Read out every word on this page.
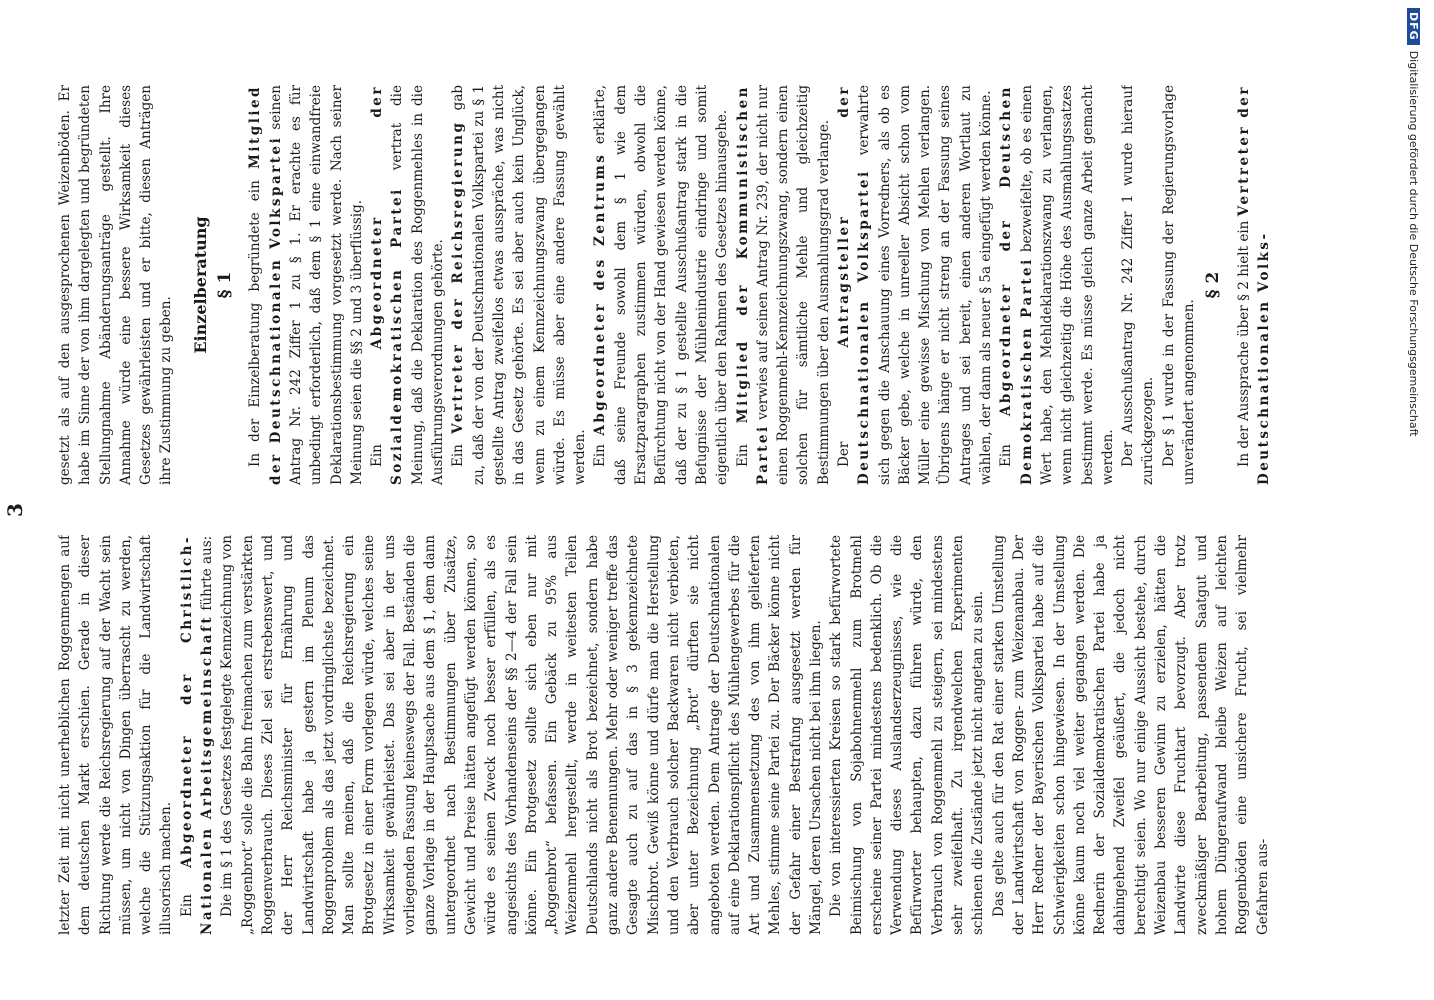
3

letzter Zeit mit nicht unerheblichen Roggenmengen auf dem deutschen Markt erschien. Gerade in dieser Richtung werde die Reichsregierung auf der Wacht sein müssen, um nicht von Dingen überrascht zu werden, welche die Stützungsaktion für die Landwirtschaft illusorisch machen. Ein Abgeordneter der Christlich-Nationalen Arbeitsgemeinschaft führte aus: Die im § 1 des Gesetzes festgelegte Kennzeichnung von „Roggenbrot“ solle die Bahn freimachen zum verstärkten Roggenverbrauch. Dieses Ziel sei erstrebenswert, und der Herr Reichsminister für Ernährung und Landwirtschaft habe ja gestern im Plenum das Roggenproblem als das jetzt vordringlichste bezeichnet. Man sollte meinen, daß die Reichsregierung ein Brotgesetz in einer Form vorlegen würde, welches seine Wirksamkeit gewährleistet. Das sei aber in der uns vorliegenden Fassung keineswegs der Fall. Beständen die ganze Vorlage in der Hauptsache aus dem § 1, dem dann untergeordnet nach Bestimmungen über Zusätze, Gewicht und Preise hätten angefügt werden können, so würde es seinen Zweck noch besser erfüllen, als es angesichts des Vorhandenseins der §§ 2—4 der Fall sein könne. Ein Brotgesetz sollte sich eben nur mit „Roggenbrot“ befassen. Ein Gebäck zu 95% aus Weizenmehl hergestellt, werde in weitesten Teilen Deutschlands nicht als Brot bezeichnet, sondern habe ganz andere Benennungen. Mehr oder weniger treffe das Gesagte auch zu auf das in § 3 gekennzeichnete Mischbrot. Gewiß könne und dürfe man die Herstellung und den Verbrauch solcher Backwaren nicht verbieten, aber unter Bezeichnung „Brot“ dürften sie nicht angeboten werden. Dem Antrage der Deutschnationalen auf eine Deklarationspflicht des Mühlengewerbes für die Art und Zusammensetzung des von ihm gelieferten Mehles, stimme seine Partei zu. Der Bäcker könne nicht der Gefahr einer Bestrafung ausgesetzt werden für Mängel, deren Ursachen nicht bei ihm liegen. Die von interessierten Kreisen so stark befürwortete Beimischung von Sojabohnenmehl zum Brotmehl erscheine seiner Partei mindestens bedenklich. Ob die Verwendung dieses Auslandserzeugnisses, wie die Befürworter behaupten, dazu führen würde, den Verbrauch von Roggenmehl zu steigern, sei mindestens sehr zweifelhaft. Zu irgendwelchen Experimenten schienen die Zustände jetzt nicht angetan zu sein. Das gelte auch für den Rat einer starken Umstellung der Landwirtschaft von Roggen- zum Weizenanbau. Der Herr Redner der Bayerischen Volkspartei habe auf die Schwierigkeiten schon hingewiesen. In der Umstellung könne kaum noch viel weiter gegangen werden. Die Rednerin der Sozialdemokratischen Partei habe ja dahingehend Zweifel geäußert, die jedoch nicht berechtigt seien. Wo nur einige Aussicht bestehe, durch Weizenbau besseren Gewinn zu erzielen, hätten die Landwirte diese Fruchtart bevorzugt. Aber trotz zweckmäßiger Bearbeitung, passendem Saatgut und hohem Düngeraufwand bleibe Weizen auf leichten Roggenböden eine unsichere Frucht, sei vielmehr Gefahren aus-

gesetzt als auf den ausgesprochenen Weizenböden. Er habe im Sinne der von ihm dargelegten und begründeten Stellungnahme Abänderungsanträge gestellt. Ihre Annahme würde eine bessere Wirksamkeit dieses Gesetzes gewährleisten und er bitte, diesen Anträgen ihre Zustimmung zu geben.

Einzelberatung § 1 In der Einzelberatung begründete ein Mitglied der Deutschnationalen Volkspartei seinen Antrag Nr. 242 Ziffer 1 zu § 1. Er erachte es für unbedingt erforderlich, daß dem § 1 eine einwandfreie Deklarationsbestimmung vorgesetzt werde. Nach seiner Meinung seien die §§ 2 und 3 überflüssig. Ein Abgeordneter der Sozialdemokratischen Partei vertrat die Meinung, daß die Deklaration des Roggenmehles in die Ausführungsverordnungen gehörte. Ein Vertreter der Reichsregierung gab zu, daß der von der Deutschnationalen Volkspartei zu § 1 gestellte Antrag zweifellos etwas ausspräche, was nicht in das Gesetz gehörte. Es sei aber auch kein Unglück, wenn zu einem Kennzeichnungszwang übergegangen würde. Es müsse aber eine andere Fassung gewählt werden. Ein Abgeordneter des Zentrums erklärte, daß seine Freunde sowohl dem § 1 wie dem Ersatzparagraphen zustimmen würden, obwohl die Befürchtung nicht von der Hand gewiesen werden könne, daß der zu § 1 gestellte Ausschußantrag stark in die Befugnisse der Mühlenindustrie eindringe und somit eigentlich über den Rahmen des Gesetzes hinausgehe. Ein Mitglied der Kommunistischen Partei verwies auf seinen Antrag Nr. 239, der nicht nur einen Roggenmehl-Kennzeichnungszwang, sondern einen solchen für sämtliche Mehle und gleichzeitig Bestimmungen über den Ausmahlungsgrad verlange. Der Antragsteller der Deutschnationalen Volkspartei verwahrte sich gegen die Anschauung eines Vorredners, als ob es Bäcker gebe, welche in unreeller Absicht schon vom Müller eine gewisse Mischung von Mehlen verlangen. Übrigens hänge er nicht streng an der Fassung seines Antrages und sei bereit, einen anderen Wortlaut zu wählen, der dann als neuer § 5a eingefügt werden könne. Ein Abgeordneter der Deutschen Demokratischen Partei bezweifelte, ob es einen Wert habe, den Mehldeklarationszwang zu verlangen, wenn nicht gleichzeitig die Höhe des Ausmahlungssatzes bestimmt werde. Es müsse gleich ganze Arbeit gemacht werden. Der Ausschußantrag Nr. 242 Ziffer 1 wurde hierauf zurückgezogen. Der § 1 wurde in der Fassung der Regierungsvorlage unverändert angenommen.

§ 2 In der Aussprache über § 2 hielt ein Vertreter der Deutschnationalen Volks-

DFGDigitalisierung gefördert durch die Deutsche Forschungsgemeinschaft
